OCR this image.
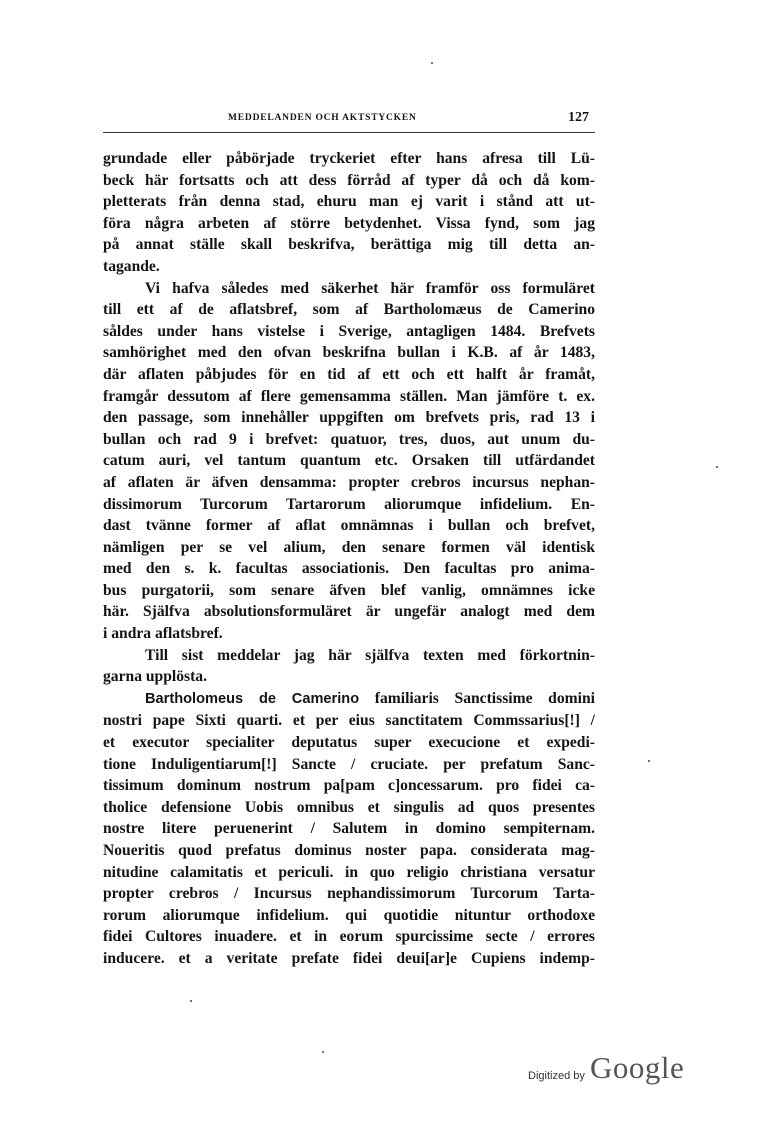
MEDDELANDEN OCH AKTSTYCKEN	127
grundade eller påbörjade tryckeriet efter hans afresa till Lü-
beck här fortsatts och att dess förråd af typer då och då kom-
pletterats från denna stad, ehuru man ej varit i stånd att ut-
föra några arbeten af större betydenhet. Vissa fynd, som jag
på annat ställe skall beskrifva, berättiga mig till detta an-
tagande.
Vi hafva således med säkerhet här framför oss formuläret
till ett af de aflatsbref, som af Bartholomæus de Camerino
såldes under hans vistelse i Sverige, antagligen 1484. Brefvets
samhörighet med den ofvan beskrifna bullan i K.B. af år 1483,
där aflaten påbjudes för en tid af ett och ett halft år framåt,
framgår dessutom af flere gemensamma ställen. Man jämföre t. ex.
den passage, som innehåller uppgiften om brefvets pris, rad 13 i
bullan och rad 9 i brefvet: quatuor, tres, duos, aut unum du-
catum auri, vel tantum quantum etc. Orsaken till utfärdandet
af aflaten är äfven densamma: propter crebros incursus nephan-
dissimorum Turcorum Tartarorum aliorumque infidelium. En-
dast tvänne former af aflat omnämnas i bullan och brefvet,
nämligen per se vel alium, den senare formen väl identisk
med den s. k. facultas associationis. Den facultas pro anima-
bus purgatorii, som senare äfven blef vanlig, omnämnes icke
här. Själfva absolutionsformuläret är ungefär analogt med dem
i andra aflatsbref.
Till sist meddelar jag här själfva texten med förkortnin-
garna upplösta.
Bartholomeus de Camerino familiaris Sanctissime domini
nostri pape Sixti quarti. et per eius sanctitatem Commssarius[!] /
et executor specialiter deputatus super execucione et expedi-
tione Induligentiarum[!] Sancte / cruciate. per prefatum Sanc-
tissimum dominum nostrum pa[pam c]oncessarum. pro fidei ca-
tholice defensione Uobis omnibus et singulis ad quos presentes
nostre litere peruenerint / Salutem in domino sempiternam.
Noueritis quod prefatus dominus noster papa. considerata mag-
nitudine calamitatis et periculi. in quo religio christiana versatur
propter crebros / Incursus nephandissimorum Turcorum Tarta-
rorum aliorumque infidelium. qui quotidie nituntur orthodoxe
fidei Cultores inuadere. et in eorum spurcissime secte / errores
inducere. et a veritate prefate fidei deui[ar]e Cupiens indemp-
Digitized by Google
